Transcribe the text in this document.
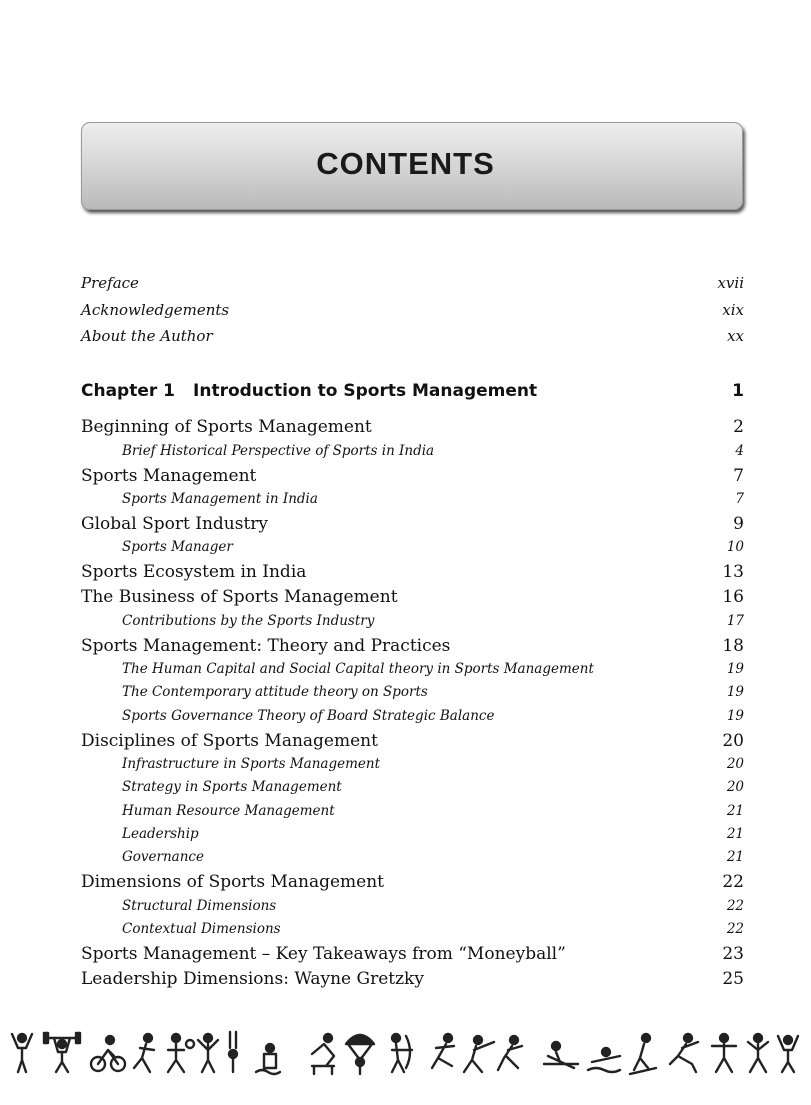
CONTENTS
Preface	xvii
Acknowledgements	xix
About the Author	xx
Chapter 1 Introduction to Sports Management	1
Beginning of Sports Management	2
Brief Historical Perspective of Sports in India	4
Sports Management	7
Sports Management in India	7
Global Sport Industry	9
Sports Manager	10
Sports Ecosystem in India	13
The Business of Sports Management	16
Contributions by the Sports Industry	17
Sports Management: Theory and Practices	18
The Human Capital and Social Capital theory in Sports Management	19
The Contemporary attitude theory on Sports	19
Sports Governance Theory of Board Strategic Balance	19
Disciplines of Sports Management	20
Infrastructure in Sports Management	20
Strategy in Sports Management	20
Human Resource Management	21
Leadership	21
Governance	21
Dimensions of Sports Management	22
Structural Dimensions	22
Contextual Dimensions	22
Sports Management – Key Takeaways from “Moneyball”	23
Leadership Dimensions: Wayne Gretzky	25
